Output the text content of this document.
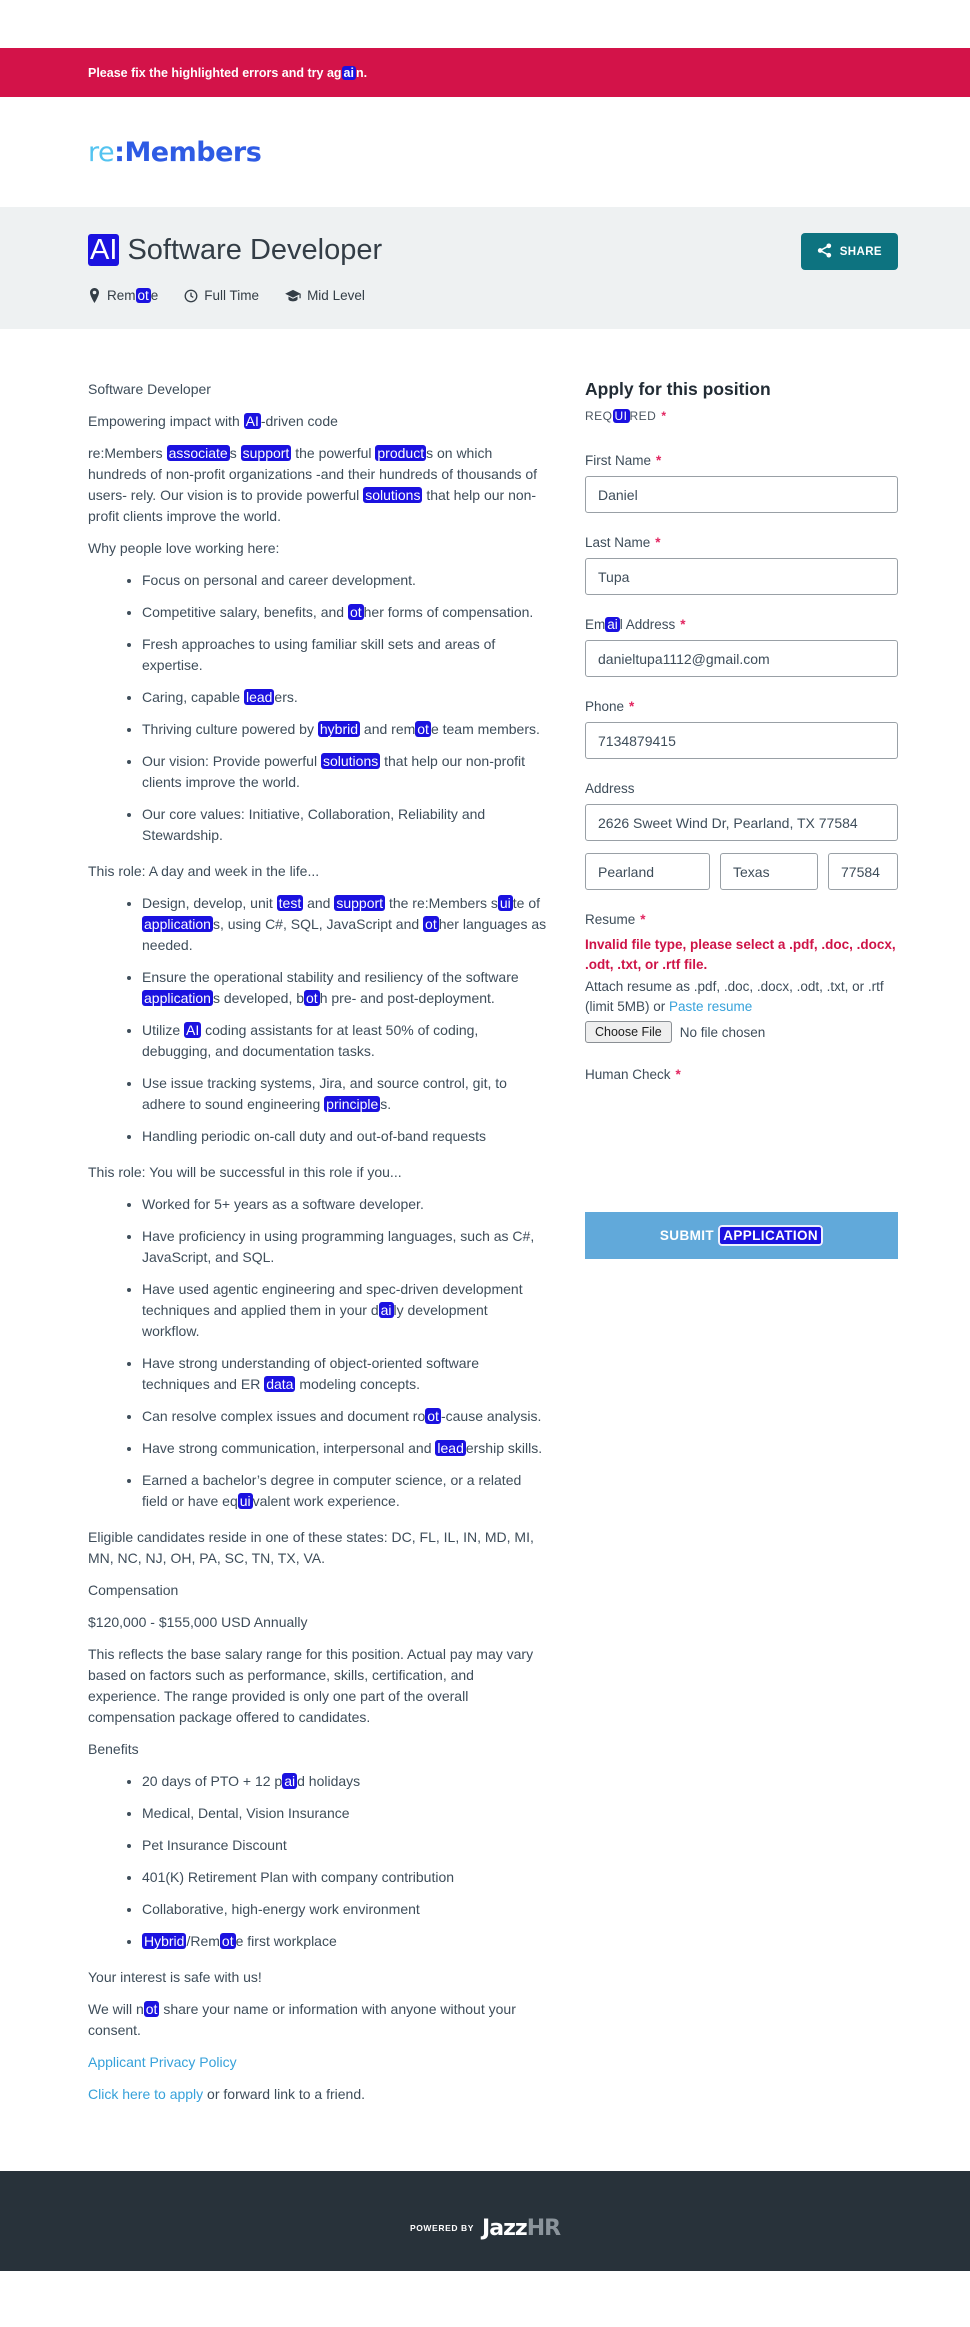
Please fix the highlighted errors and try ag ai n.
re:Members
AI Software Developer	SHARE
Rem ot e	Full Time	Mid Level

Software Developer

Empowering impact with AI -driven code

re:Members associate s support the powerful product s on which hundreds of non-profit organizations -and their hundreds of thousands of users- rely. Our vision is to provide powerful solutions that help our non-profit clients improve the world.

Why people love working here:

• Focus on personal and career development.
• Competitive salary, benefits, and ot her forms of compensation.
• Fresh approaches to using familiar skill sets and areas of expertise.
• Caring, capable lead ers.
• Thriving culture powered by hybrid and rem ot e team members.
• Our vision: Provide powerful solutions that help our non-profit clients improve the world.
• Our core values: Initiative, Collaboration, Reliability and Stewardship.

This role: A day and week in the life...

• Design, develop, unit test and support the re:Members s ui te of application s, using C#, SQL, JavaScript and ot her languages as needed.
• Ensure the operational stability and resiliency of the software application s developed, b ot h pre- and post-deployment.
• Utilize AI coding assistants for at least 50% of coding, debugging, and documentation tasks.
• Use issue tracking systems, Jira, and source control, git, to adhere to sound engineering principle s.
• Handling periodic on-call duty and out-of-band requests

This role: You will be successful in this role if you...

• Worked for 5+ years as a software developer.
• Have proficiency in using programming languages, such as C#, JavaScript, and SQL.
• Have used agentic engineering and spec-driven development techniques and applied them in your d ai ly development workflow.
• Have strong understanding of object-oriented software techniques and ER data modeling concepts.
• Can resolve complex issues and document ro ot -cause analysis.
• Have strong communication, interpersonal and lead ership skills.
• Earned a bachelor’s degree in computer science, or a related field or have eq ui valent work experience.

Eligible candidates reside in one of these states: DC, FL, IL, IN, MD, MI, MN, NC, NJ, OH, PA, SC, TN, TX, VA.

Compensation

$120,000 - $155,000 USD Annually

This reflects the base salary range for this position. Actual pay may vary based on factors such as performance, skills, certification, and experience. The range provided is only one part of the overall compensation package offered to candidates.

Benefits

• 20 days of PTO + 12 p ai d holidays
• Medical, Dental, Vision Insurance
• Pet Insurance Discount
• 401(K) Retirement Plan with company contribution
• Collaborative, high-energy work environment
• Hybrid /Rem ot e first workplace

Your interest is safe with us!

We will n ot share your name or information with anyone without your consent.

Applicant Privacy Policy

Click here to apply or forward link to a friend.

Apply for this position
REQ UI RED *
First Name *
Daniel
Last Name *
Tupa
Em ai l Address *
danieltupa1112@gmail.com
Phone *
7134879415
Address
2626 Sweet Wind Dr, Pearland, TX 77584
Pearland
Texas
77584
Resume *
Invalid file type, please select a .pdf, .doc, .docx, .odt, .txt, or .rtf file.
Attach resume as .pdf, .doc, .docx, .odt, .txt, or .rtf (limit 5MB) or Paste resume
Choose File	No file chosen
Human Check *
SUBMIT APPLICATION
POWERED BY JazzHR
